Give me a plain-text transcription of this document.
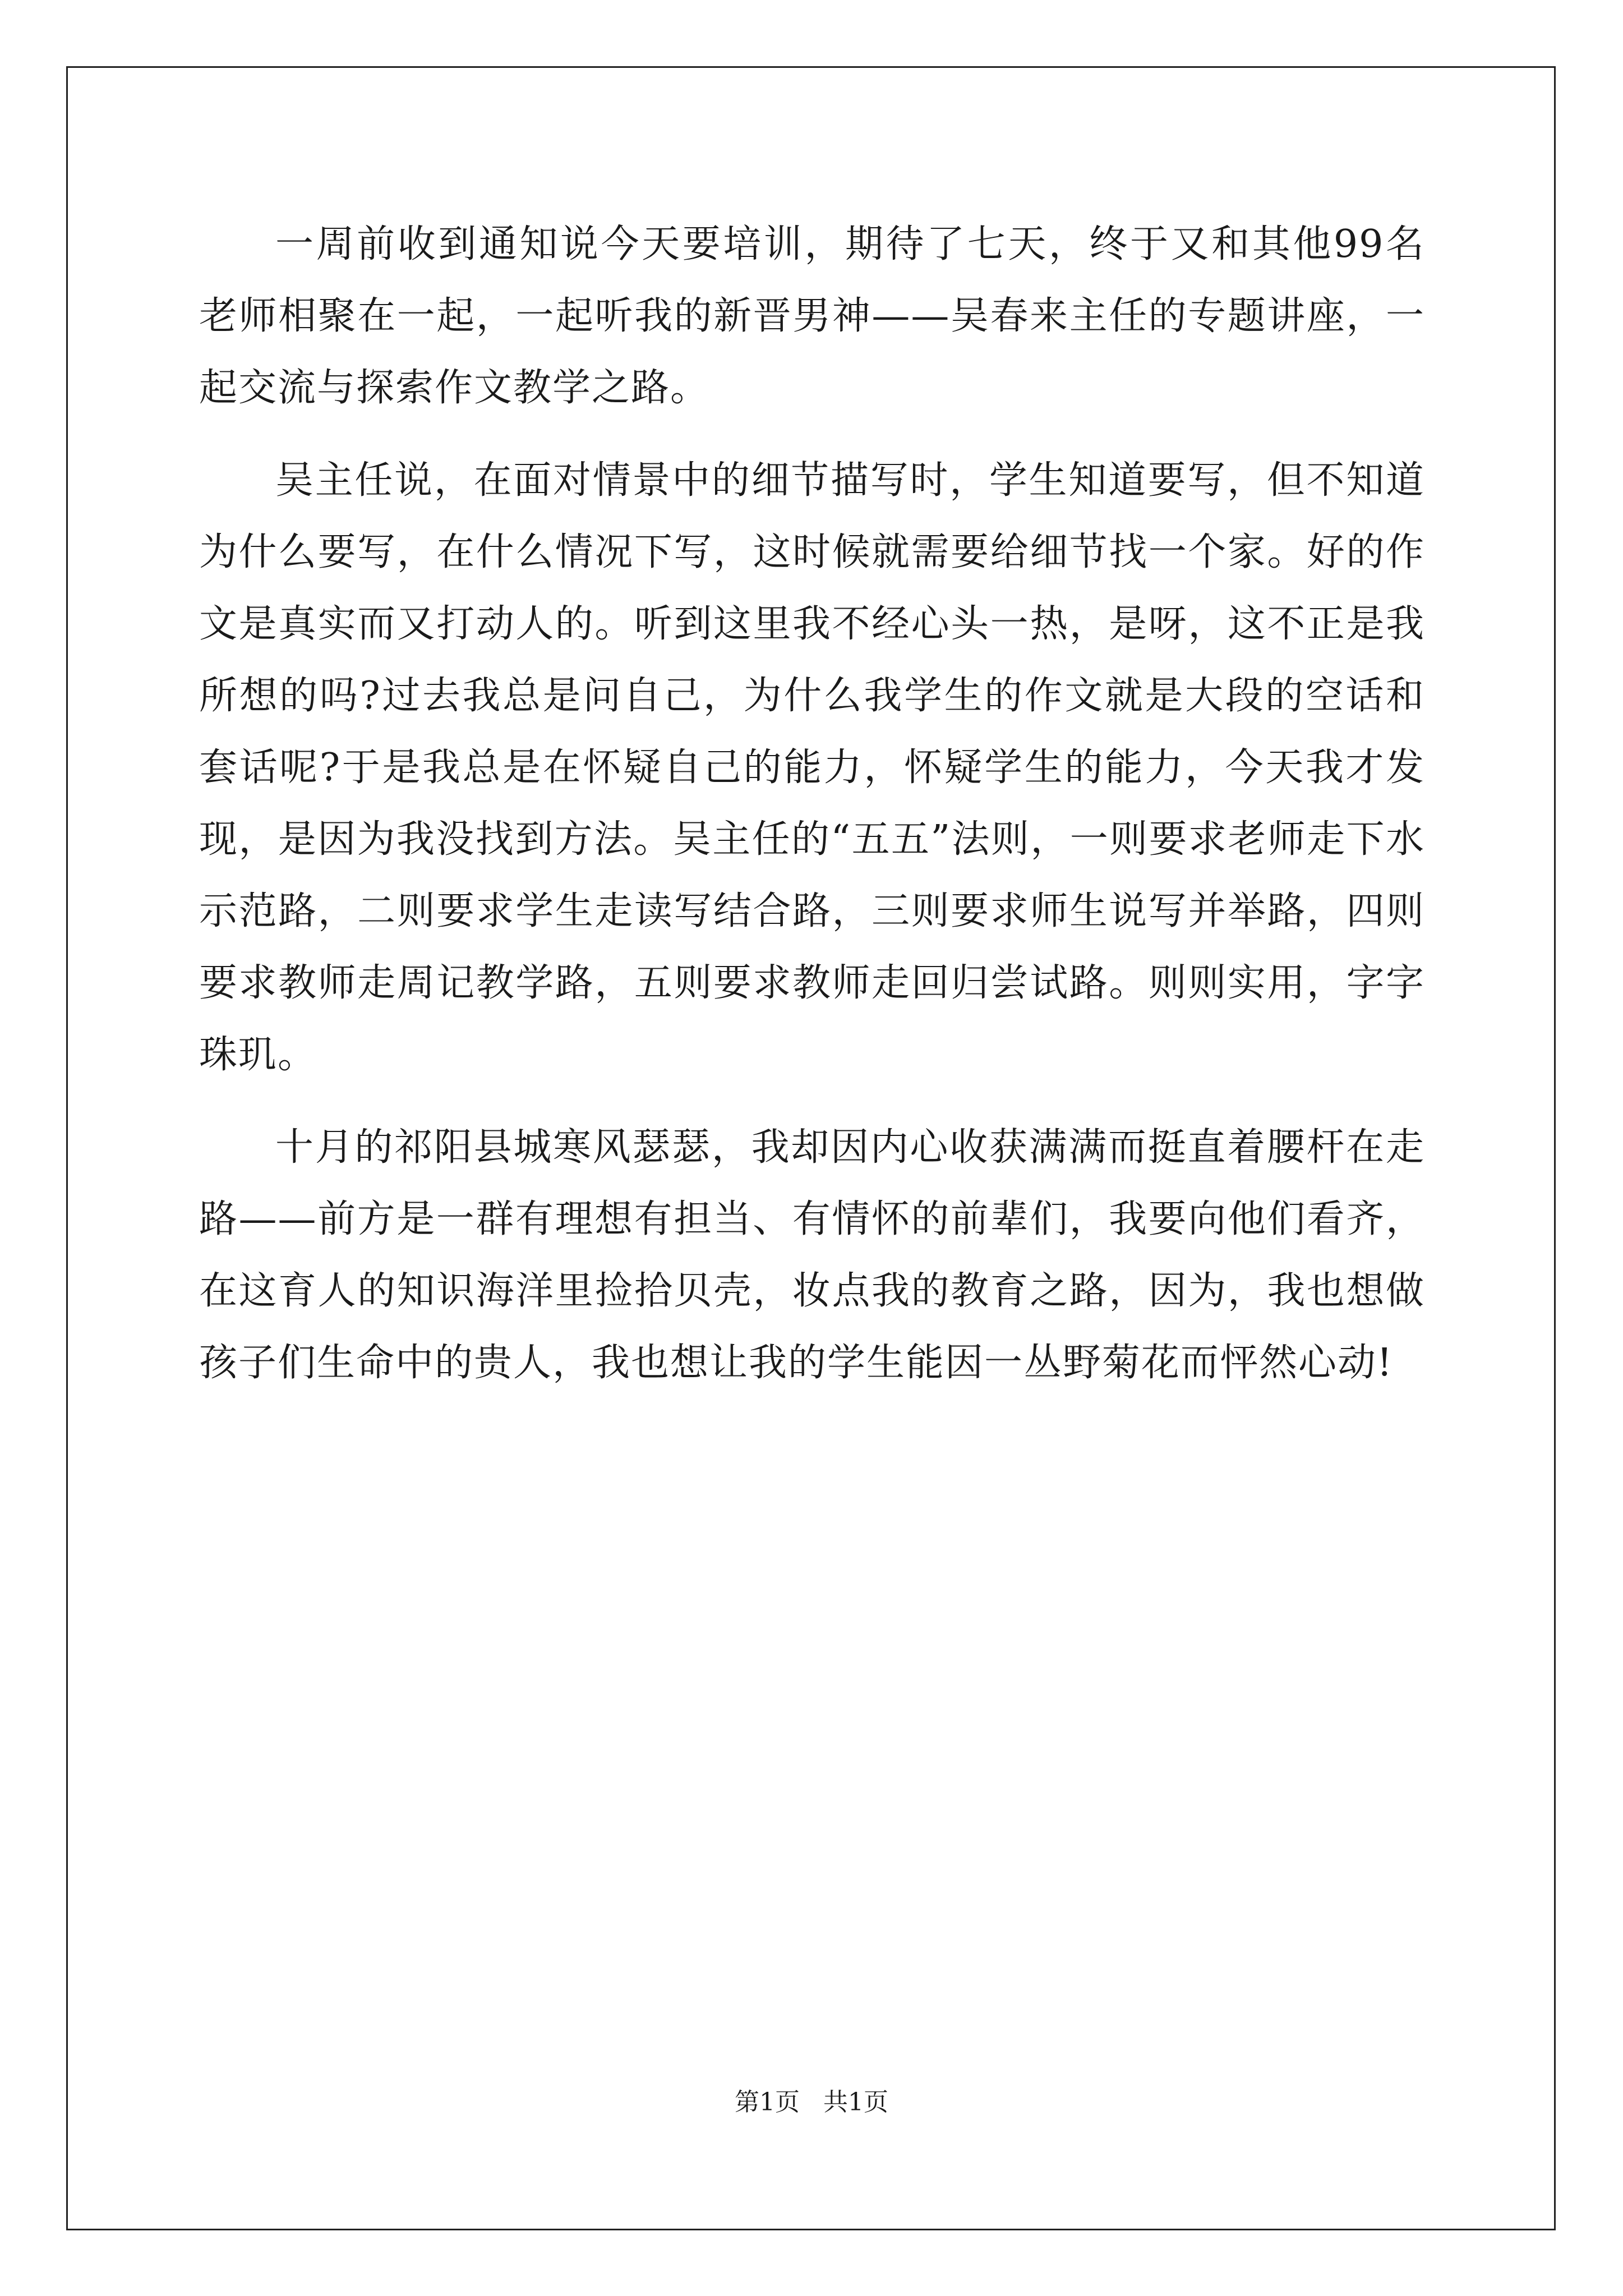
一周前收到通知说今天要培训，期待了七天，终于又和其他99名老师相聚在一起，一起听我的新晋男神——吴春来主任的专题讲座，一起交流与探索作文教学之路。

吴主任说，在面对情景中的细节描写时，学生知道要写，但不知道为什么要写，在什么情况下写，这时候就需要给细节找一个家。好的作文是真实而又打动人的。听到这里我不经心头一热，是呀，这不正是我所想的吗?过去我总是问自己，为什么我学生的作文就是大段的空话和套话呢?于是我总是在怀疑自己的能力，怀疑学生的能力，今天我才发现，是因为我没找到方法。吴主任的“五五”法则，一则要求老师走下水示范路，二则要求学生走读写结合路，三则要求师生说写并举路，四则要求教师走周记教学路，五则要求教师走回归尝试路。则则实用，字字珠玑。

十月的祁阳县城寒风瑟瑟，我却因内心收获满满而挺直着腰杆在走路——前方是一群有理想有担当、有情怀的前辈们，我要向他们看齐，在这育人的知识海洋里捡拾贝壳，妆点我的教育之路，因为，我也想做孩子们生命中的贵人，我也想让我的学生能因一丛野菊花而怦然心动!

第1页   共1页
